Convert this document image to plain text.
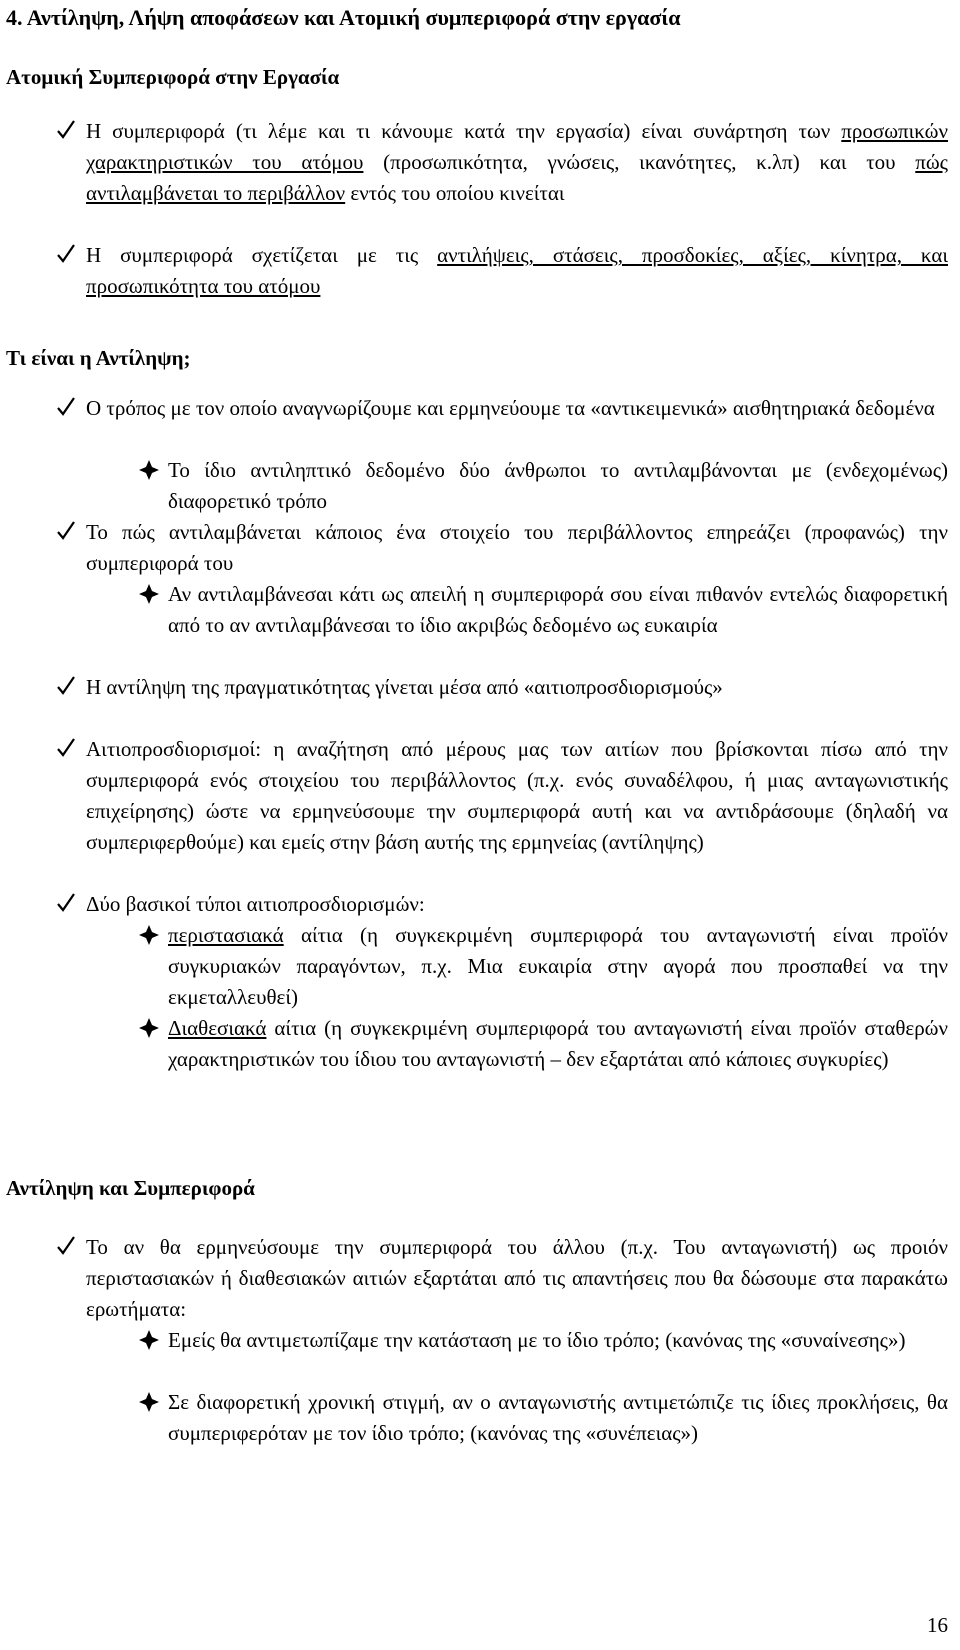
4. Αντίληψη, Λήψη αποφάσεων και Ατομική συμπεριφορά στην εργασία
Ατομική Συμπεριφορά στην Εργασία
Η συμπεριφορά (τι λέμε και τι κάνουμε κατά την εργασία) είναι συνάρτηση των προσωπικών χαρακτηριστικών του ατόμου (προσωπικότητα, γνώσεις, ικανότητες, κ.λπ) και του πώς αντιλαμβάνεται το περιβάλλον εντός του οποίου κινείται
Η συμπεριφορά σχετίζεται με τις αντιλήψεις, στάσεις, προσδοκίες, αξίες, κίνητρα, και προσωπικότητα του ατόμου
Τι είναι η Αντίληψη;
Ο τρόπος με τον οποίο αναγνωρίζουμε και ερμηνεύουμε τα «αντικειμενικά» αισθητηριακά δεδομένα
Το ίδιο αντιληπτικό δεδομένο δύο άνθρωποι το αντιλαμβάνονται με (ενδεχομένως) διαφορετικό τρόπο
Το πώς αντιλαμβάνεται κάποιος ένα στοιχείο του περιβάλλοντος επηρεάζει (προφανώς) την συμπεριφορά του
Αν αντιλαμβάνεσαι κάτι ως απειλή η συμπεριφορά σου είναι πιθανόν εντελώς διαφορετική από το αν αντιλαμβάνεσαι το ίδιο ακριβώς δεδομένο ως ευκαιρία
Η αντίληψη της πραγματικότητας γίνεται μέσα από «αιτιοπροσδιορισμούς»
Αιτιοπροσδιορισμοί: η αναζήτηση από μέρους μας των αιτίων που βρίσκονται πίσω από την συμπεριφορά ενός στοιχείου του περιβάλλοντος (π.χ. ενός συναδέλφου, ή μιας ανταγωνιστικής επιχείρησης) ώστε να ερμηνεύσουμε την συμπεριφορά αυτή και να αντιδράσουμε (δηλαδή να συμπεριφερθούμε) και εμείς στην βάση αυτής της ερμηνείας (αντίληψης)
Δύο βασικοί τύποι αιτιοπροσδιορισμών:
περιστασιακά αίτια (η συγκεκριμένη συμπεριφορά του ανταγωνιστή είναι προϊόν συγκυριακών παραγόντων, π.χ. Μια ευκαιρία στην αγορά που προσπαθεί να την εκμεταλλευθεί)
Διαθεσιακά αίτια (η συγκεκριμένη συμπεριφορά του ανταγωνιστή είναι προϊόν σταθερών χαρακτηριστικών του ίδιου του ανταγωνιστή – δεν εξαρτάται από κάποιες συγκυρίες)
Αντίληψη και Συμπεριφορά
Το αν θα ερμηνεύσουμε την συμπεριφορά του άλλου (π.χ. Του ανταγωνιστή) ως προιόν περιστασιακών ή διαθεσιακών αιτιών εξαρτάται από τις απαντήσεις που θα δώσουμε στα παρακάτω ερωτήματα:
Εμείς θα αντιμετωπίζαμε την κατάσταση με το ίδιο τρόπο; (κανόνας της «συναίνεσης»)
Σε διαφορετική χρονική στιγμή, αν ο ανταγωνιστής αντιμετώπιζε τις ίδιες προκλήσεις, θα συμπεριφερόταν με τον ίδιο τρόπο; (κανόνας της «συνέπειας»)
16
